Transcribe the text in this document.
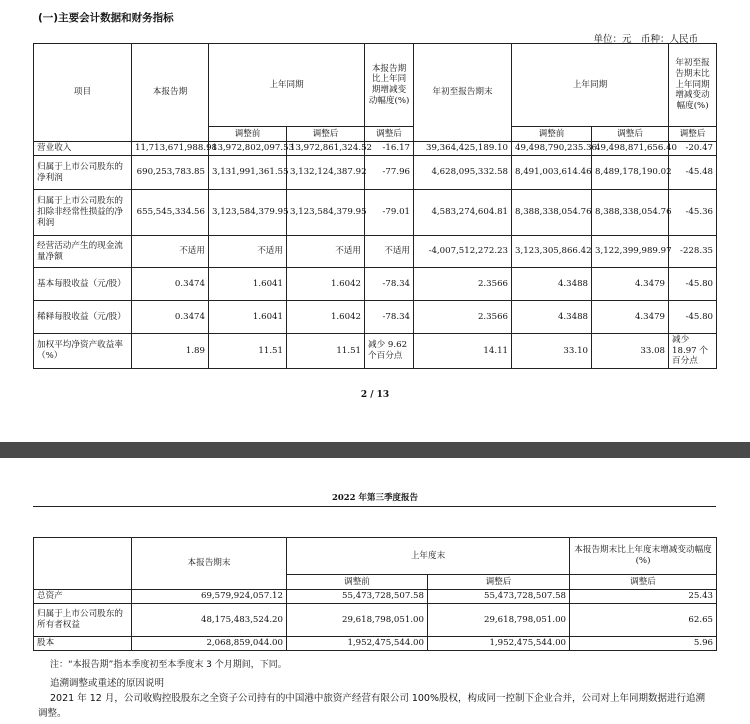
(一)主要会计数据和财务指标
单位：元　币种：人民币
项目	本报告期	上年同期		本报告期比上年同期增减变动幅度(%)	年初至报告期末	上年同期		年初至报告期末比上年同期增减变动幅度(%)
		调整前	调整后	调整后		调整前	调整后	调整后
营业收入	11,713,671,988.98	13,972,802,097.53	13,972,861,324.52	-16.17	39,364,425,189.10	49,498,790,235.36	49,498,871,656.40	-20.47
归属于上市公司股东的净利润	690,253,783.85	3,131,991,361.55	3,132,124,387.92	-77.96	4,628,095,332.58	8,491,003,614.46	8,489,178,190.02	-45.48
归属于上市公司股东的扣除非经常性损益的净利润	655,545,334.56	3,123,584,379.95	3,123,584,379.95	-79.01	4,583,274,604.81	8,388,338,054.76	8,388,338,054.76	-45.36
经营活动产生的现金流量净额	不适用	不适用	不适用	不适用	-4,007,512,272.23	3,123,305,866.42	3,122,399,989.97	-228.35
基本每股收益（元/股）	0.3474	1.6041	1.6042	-78.34	2.3566	4.3488	4.3479	-45.80
稀释每股收益（元/股）	0.3474	1.6041	1.6042	-78.34	2.3566	4.3488	4.3479	-45.80
加权平均净资产收益率（%）	1.89	11.51	11.51	减少 9.62 个百分点	14.11	33.10	33.08	减少 18.97 个百分点
2 / 13
2022 年第三季度报告
	本报告期末	上年度末		本报告期末比上年度末增减变动幅度(%)
		调整前	调整后	调整后
总资产	69,579,924,057.12	55,473,728,507.58	55,473,728,507.58	25.43
归属于上市公司股东的所有者权益	48,175,483,524.20	29,618,798,051.00	29,618,798,051.00	62.65
股本	2,068,859,044.00	1,952,475,544.00	1,952,475,544.00	5.96
注：“本报告期”指本季度初至本季度末 3 个月期间，下同。
追溯调整或重述的原因说明
2021 年 12 月，公司收购控股股东之全资子公司持有的中国港中旅资产经营有限公司 100%股权，构成同一控制下企业合并，公司对上年同期数据进行追溯调整。
